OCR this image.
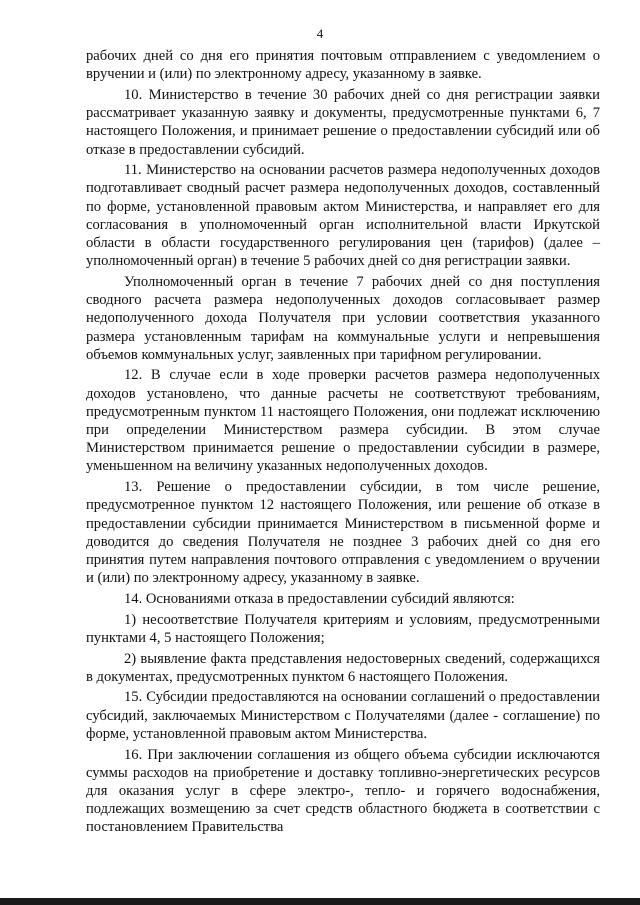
4

рабочих дней со дня его принятия почтовым отправлением с уведомлением о вручении и (или) по электронному адресу, указанному в заявке.

10. Министерство в течение 30 рабочих дней со дня регистрации заявки рассматривает указанную заявку и документы, предусмотренные пунктами 6, 7 настоящего Положения, и принимает решение о предоставлении субсидий или об отказе в предоставлении субсидий.

11. Министерство на основании расчетов размера недополученных доходов подготавливает сводный расчет размера недополученных доходов, составленный по форме, установленной правовым актом Министерства, и направляет его для согласования в уполномоченный орган исполнительной власти Иркутской области в области государственного регулирования цен (тарифов) (далее – уполномоченный орган) в течение 5 рабочих дней со дня регистрации заявки.

Уполномоченный орган в течение 7 рабочих дней со дня поступления сводного расчета размера недополученных доходов согласовывает размер недополученного дохода Получателя при условии соответствия указанного размера установленным тарифам на коммунальные услуги и непревышения объемов коммунальных услуг, заявленных при тарифном регулировании.

12. В случае если в ходе проверки расчетов размера недополученных доходов установлено, что данные расчеты не соответствуют требованиям, предусмотренным пунктом 11 настоящего Положения, они подлежат исключению при определении Министерством размера субсидии. В этом случае Министерством принимается решение о предоставлении субсидии в размере, уменьшенном на величину указанных недополученных доходов.

13. Решение о предоставлении субсидии, в том числе решение, предусмотренное пунктом 12 настоящего Положения, или решение об отказе в предоставлении субсидии принимается Министерством в письменной форме и доводится до сведения Получателя не позднее 3 рабочих дней со дня его принятия путем направления почтового отправления с уведомлением о вручении и (или) по электронному адресу, указанному в заявке.

14. Основаниями отказа в предоставлении субсидий являются:

1) несоответствие Получателя критериям и условиям, предусмотренными пунктами 4, 5 настоящего Положения;

2) выявление факта представления недостоверных сведений, содержащихся в документах, предусмотренных пунктом 6 настоящего Положения.

15. Субсидии предоставляются на основании соглашений о предоставлении субсидий, заключаемых Министерством с Получателями (далее - соглашение) по форме, установленной правовым актом Министерства.

16. При заключении соглашения из общего объема субсидии исключаются суммы расходов на приобретение и доставку топливно-энергетических ресурсов для оказания услуг в сфере электро-, тепло- и горячего водоснабжения, подлежащих возмещению за счет средств областного бюджета в соответствии с постановлением Правительства
